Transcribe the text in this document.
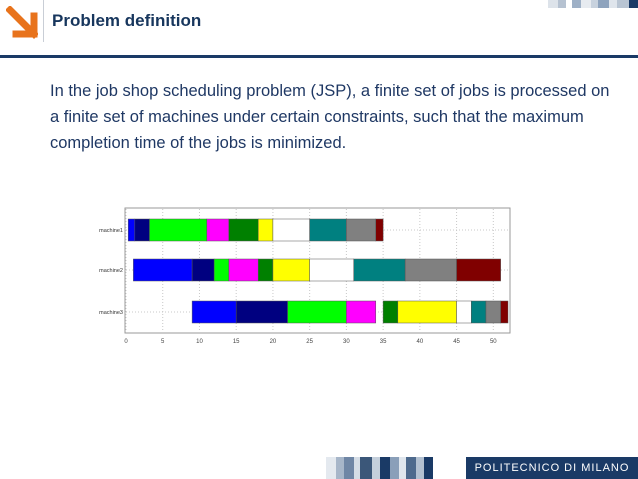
Problem definition
In the job shop scheduling problem (JSP), a finite set of jobs is processed on a finite set of machines under certain constraints, such that the maximum completion time of the jobs is minimized.
0	5	10	15	20	25	30	35	40	45	50
machine1
machine2
machine3
POLITECNICO DI MILANO
